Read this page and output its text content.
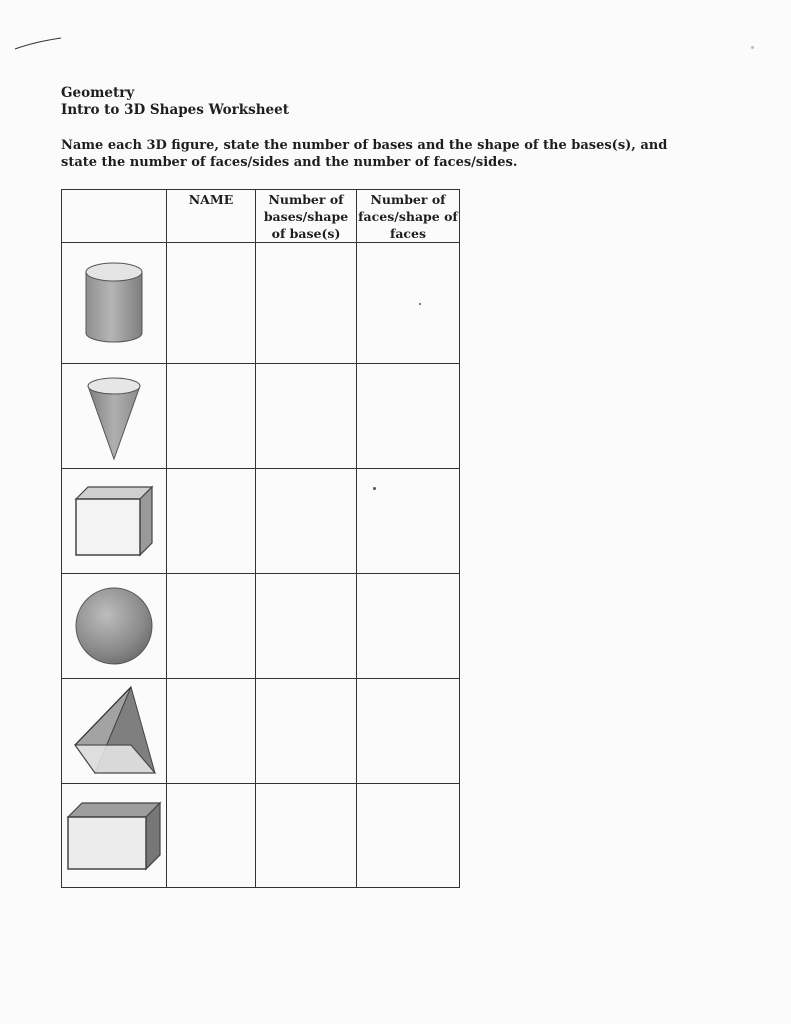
Geometry
Intro to 3D Shapes Worksheet
Name each 3D figure, state the number of bases and the shape of the bases(s), and state the number of faces/sides and the number of faces/sides.
	NAME	Number of bases/shape of base(s)	Number of faces/shape of faces
